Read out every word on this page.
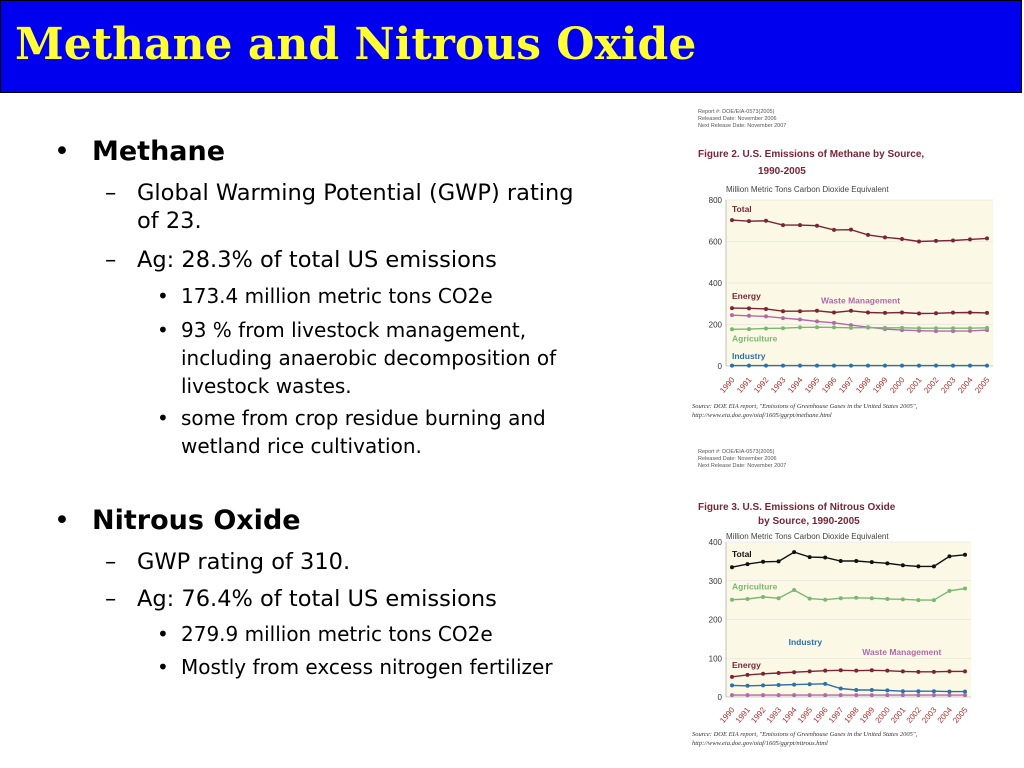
Methane and Nitrous Oxide
• Methane
– Global Warming Potential (GWP) rating of 23.
– Ag: 28.3% of total US emissions
• 173.4 million metric tons CO2e
• 93 % from livestock management, including anaerobic decomposition of livestock wastes.
• some from crop residue burning and wetland rice cultivation.
• Nitrous Oxide
– GWP rating of 310.
– Ag: 76.4% of total US emissions
• 279.9 million metric tons CO2e
• Mostly from excess nitrogen fertilizer
Report #: DOE/EIA-0573(2005)
Released Date: November 2006
Next Release Date: November 2007
Figure 2. U.S. Emissions of Methane by Source,
1990-2005
Million Metric Tons Carbon Dioxide Equivalent
0
200
400
600
800
1990
1991
1992
1993
1994
1995
1996
1997
1998
1999
2000
2001
2002
2003
2004
2005
Total
Energy	Waste Management
Agriculture
Industry
Source: DOE EIA report, "Emissions of Greenhouse Gases in the United States 2005",
http://www.eia.doe.gov/oiaf/1605/ggrpt/methane.html
Report #: DOE/EIA-0573(2005)
Released Date: November 2006
Next Release Date: November 2007
Figure 3. U.S. Emissions of Nitrous Oxide
by Source, 1990-2005
Million Metric Tons Carbon Dioxide Equivalent
0
100
200
300
400
1990
1991
1992
1993
1994
1995
1996
1997
1998
1999
2000
2001
2002
2003
2004
2005
Total
Agriculture
Energy
Industry
Waste Management
Source: DOE EIA report, "Emissions of Greenhouse Gases in the United States 2005",
http://www.eia.doe.gov/oiaf/1605/ggrpt/nitrous.html
